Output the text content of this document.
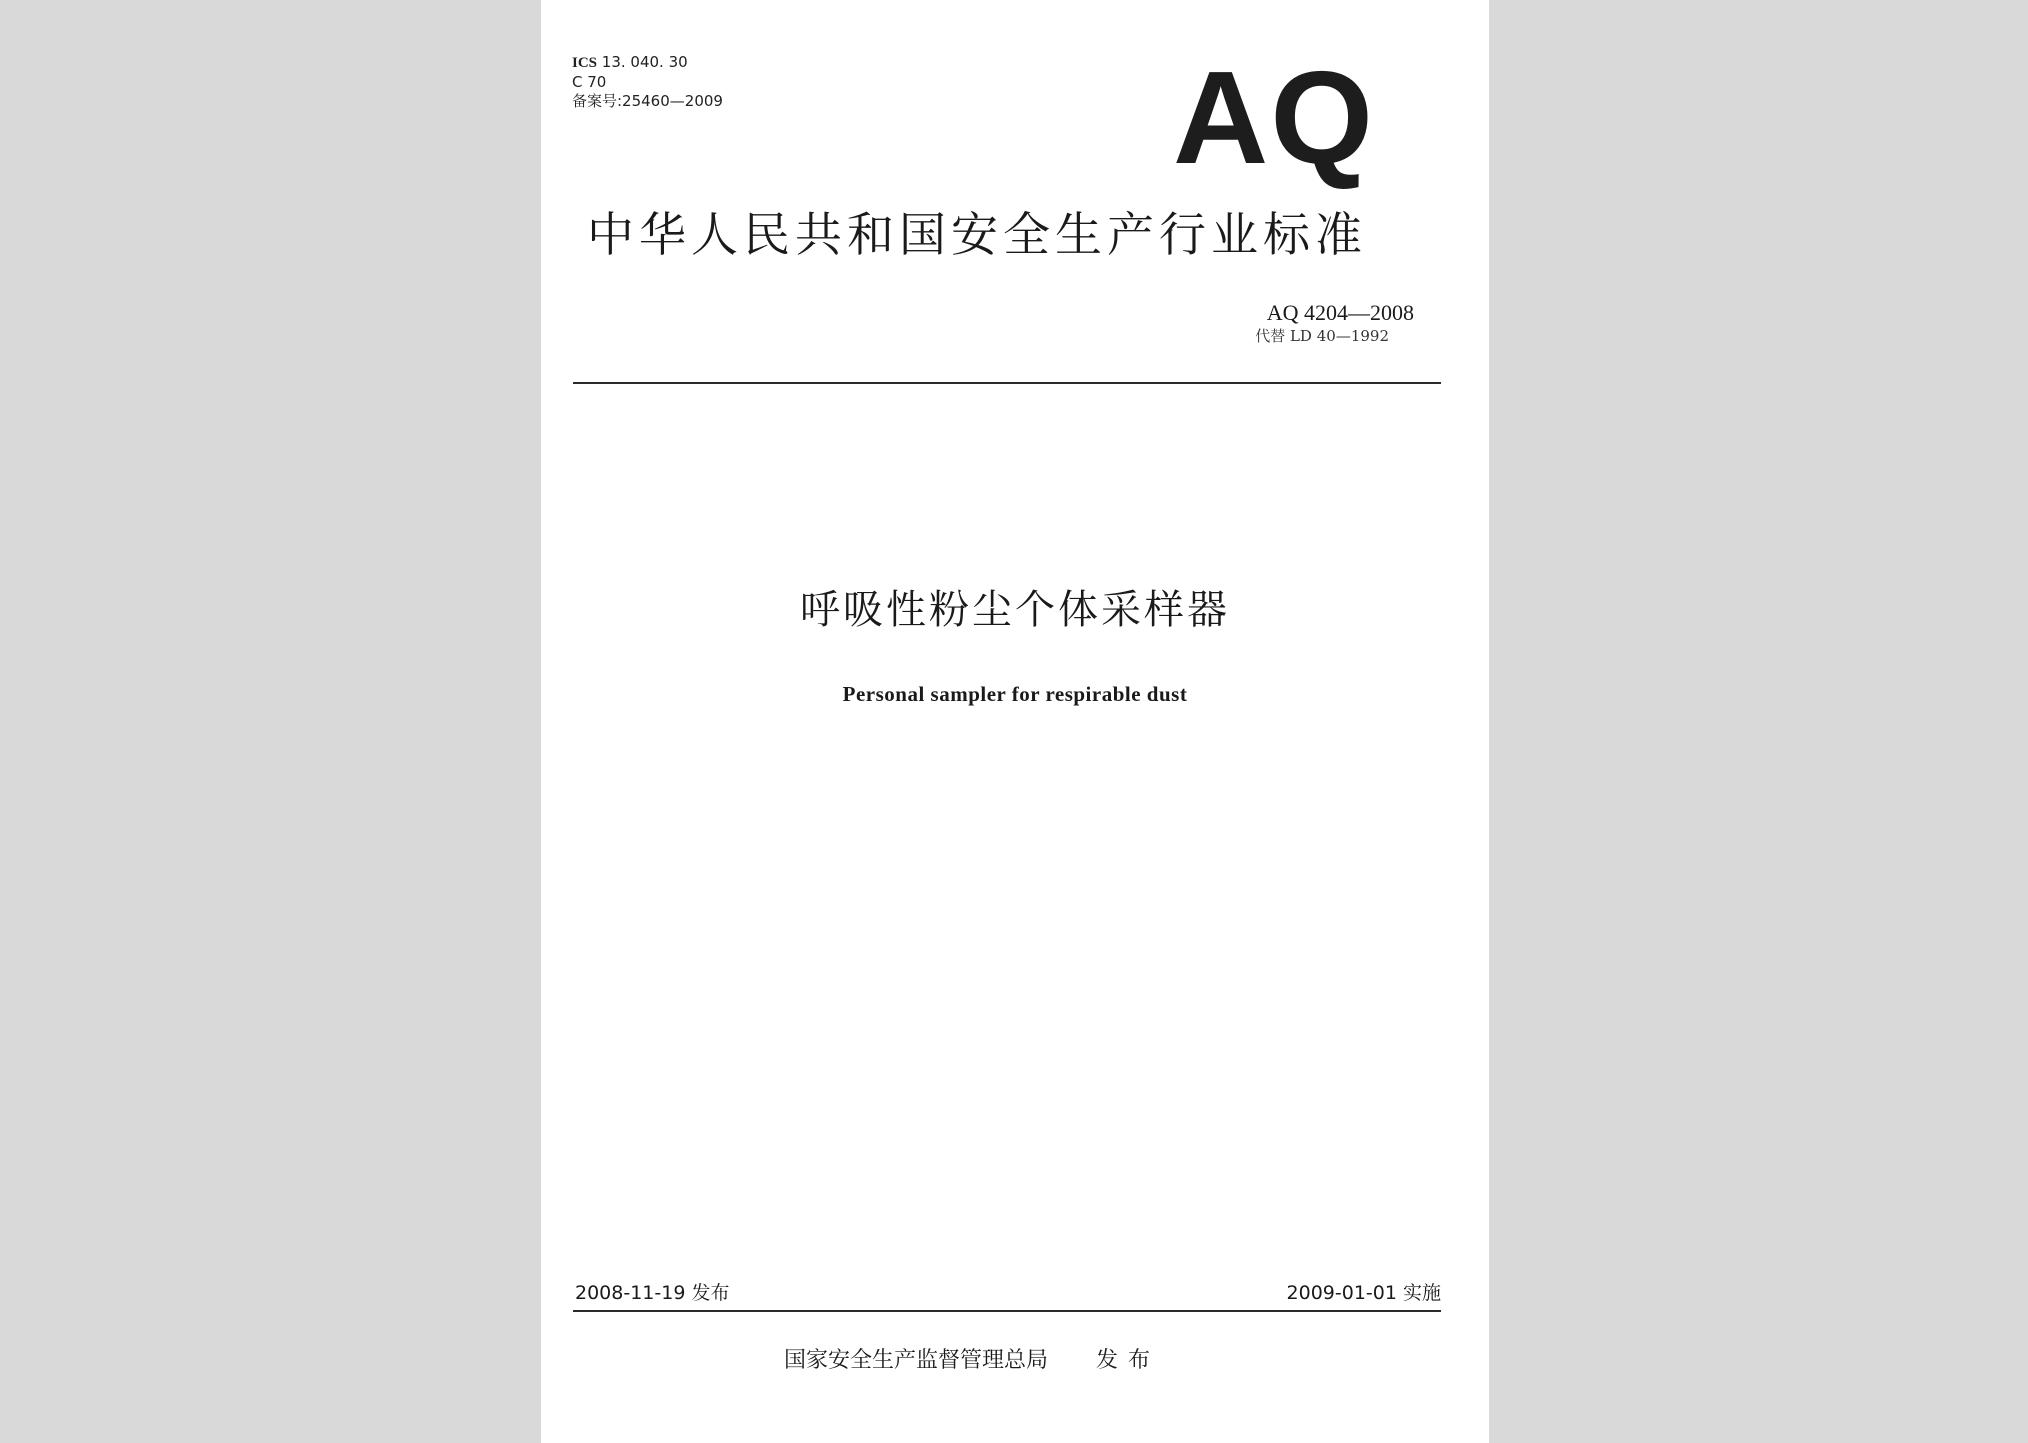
ICS 13. 040. 30
C 70
备案号:25460—2009	AQ
中华人民共和国安全生产行业标准
AQ 4204—2008
代替 LD 40—1992
呼吸性粉尘个体采样器
Personal sampler for respirable dust
2008-11-19 发布	2009-01-01 实施
国家安全生产监督管理总局 发布
